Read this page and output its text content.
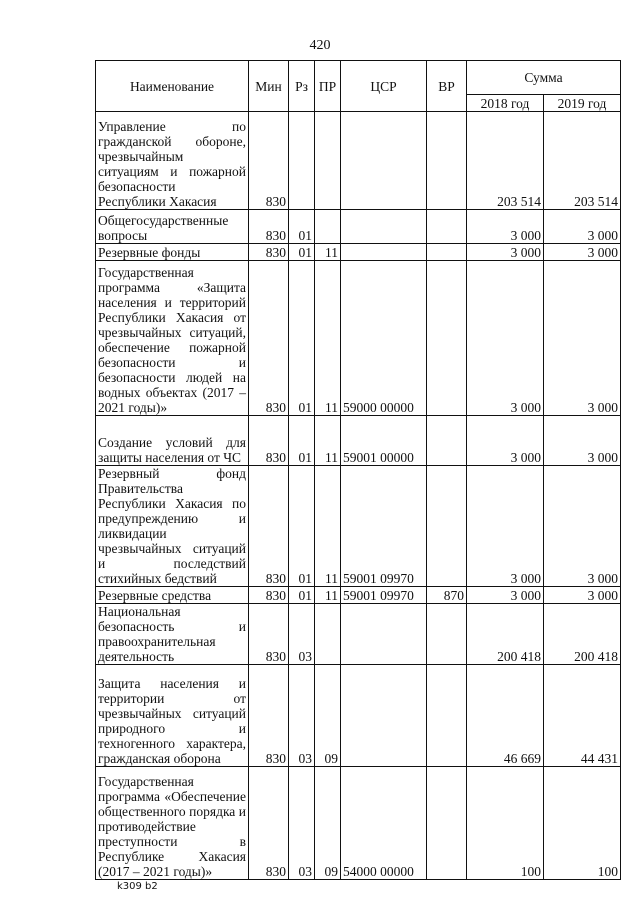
420
Наименование	Мин	Рз	ПР	ЦСР	ВР	Сумма	
						2018 год	2019 год
Управление по гражданской обороне, чрезвычайным ситуациям и пожарной безопасности Республики Хакасия	830					203 514	203 514
Общегосударственные вопросы	830	01				3 000	3 000
Резервные фонды	830	01	11			3 000	3 000
Государственная программа «Защита населения и территорий Республики Хакасия от чрезвычайных ситуаций, обеспечение пожарной безопасности и безопасности людей на водных объектах (2017 – 2021 годы)»	830	01	11	59000 00000		3 000	3 000
Создание условий для защиты населения от ЧС	830	01	11	59001 00000		3 000	3 000
Резервный фонд Правительства Республики Хакасия по предупреждению и ликвидации чрезвычайных ситуаций и последствий стихийных бедствий	830	01	11	59001 09970		3 000	3 000
Резервные средства	830	01	11	59001 09970	870	3 000	3 000
Национальная безопасность и правоохранительная деятельность	830	03				200 418	200 418
Защита населения и территории от чрезвычайных ситуаций природного и техногенного характера, гражданская оборона	830	03	09			46 669	44 431
Государственная программа «Обеспечение общественного порядка и противодействие преступности в Республике Хакасия (2017 – 2021 годы)»	830	03	09	54000 00000		100	100
k309 b2
